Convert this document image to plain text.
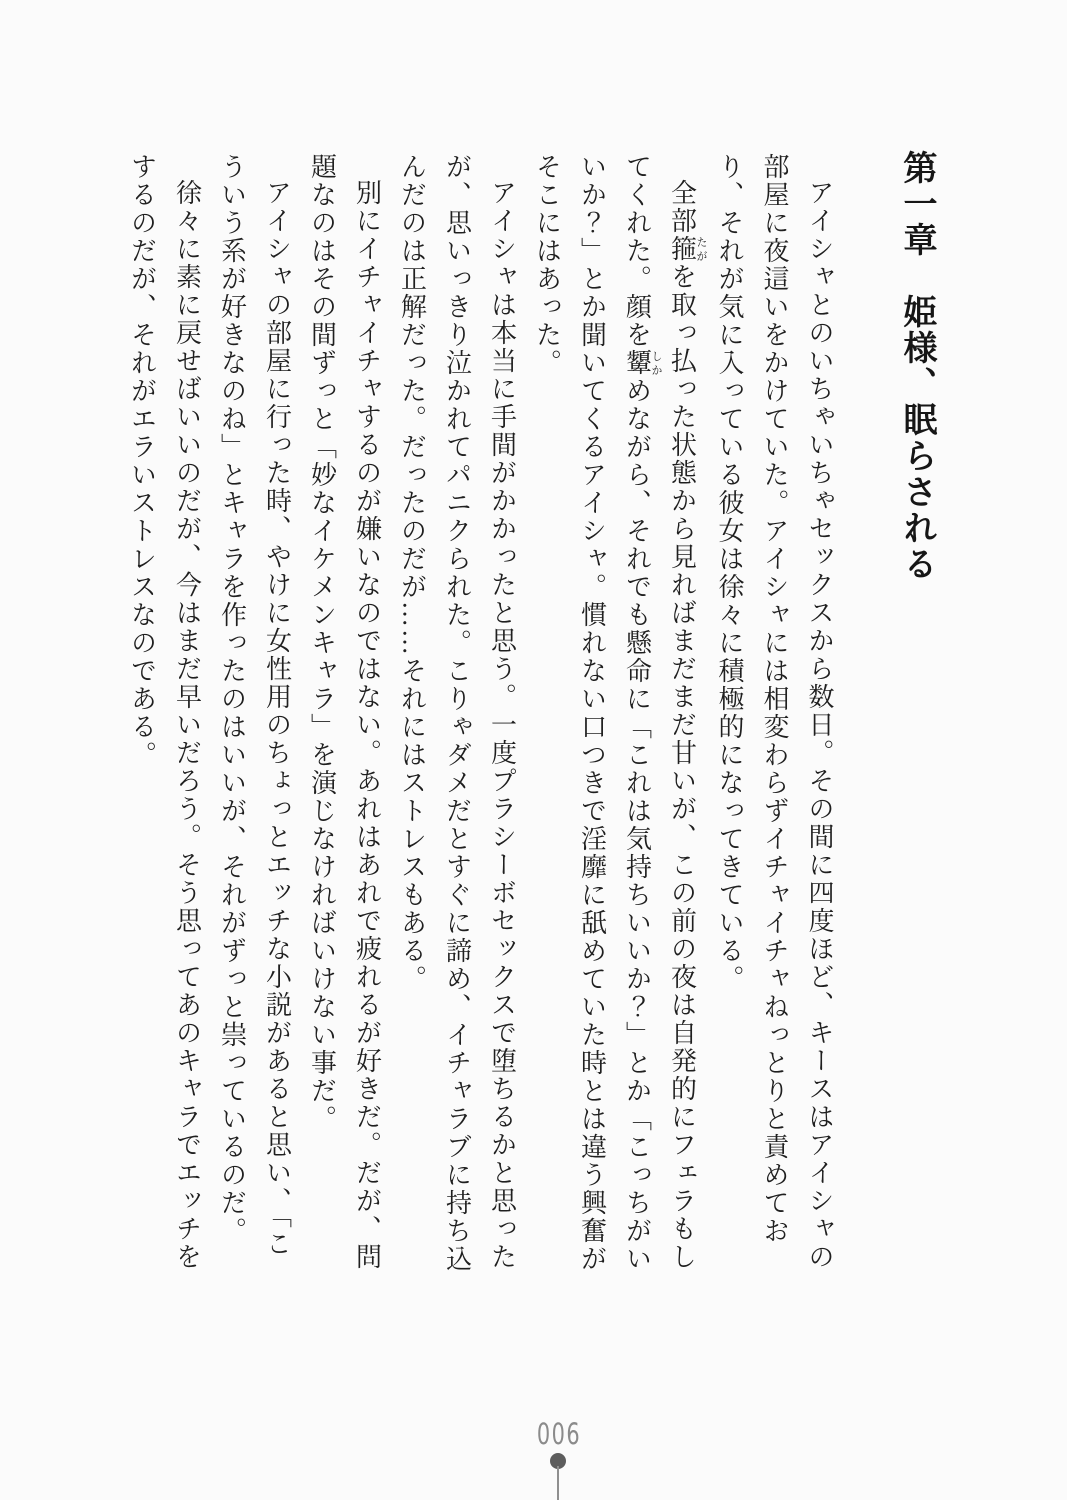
第一章　姫様、眠らされる

アイシャとのいちゃいちゃセックスから数日。その間に四度ほど、キースはアイシャの部屋に夜這いをかけていた。アイシャには相変わらずイチャイチャねっとりと責めており、それが気に入っている彼女は徐々に積極的になってきている。

全部箍たがを取っ払った状態から見ればまだまだ甘いが、この前の夜は自発的にフェラもしてくれた。顔を顰しかめながら、それでも懸命に「これは気持ちいいか？」とか「こっちがいいか？」とか聞いてくるアイシャ。慣れない口つきで淫靡に舐めていた時とは違う興奮がそこにはあった。

アイシャは本当に手間がかかったと思う。一度プラシーボセックスで堕ちるかと思ったが、思いっきり泣かれてパニクられた。こりゃダメだとすぐに諦め、イチャラブに持ち込んだのは正解だった。だったのだが……それにはストレスもある。

別にイチャイチャするのが嫌いなのではない。あれはあれで疲れるが好きだ。だが、問題なのはその間ずっと「妙なイケメンキャラ」を演じなければいけない事だ。

アイシャの部屋に行った時、やけに女性用のちょっとエッチな小説があると思い、「こういう系が好きなのね」とキャラを作ったのはいいが、それがずっと祟っているのだ。

徐々に素に戻せばいいのだが、今はまだ早いだろう。そう思ってあのキャラでエッチをするのだが、それがエラいストレスなのである。

006
